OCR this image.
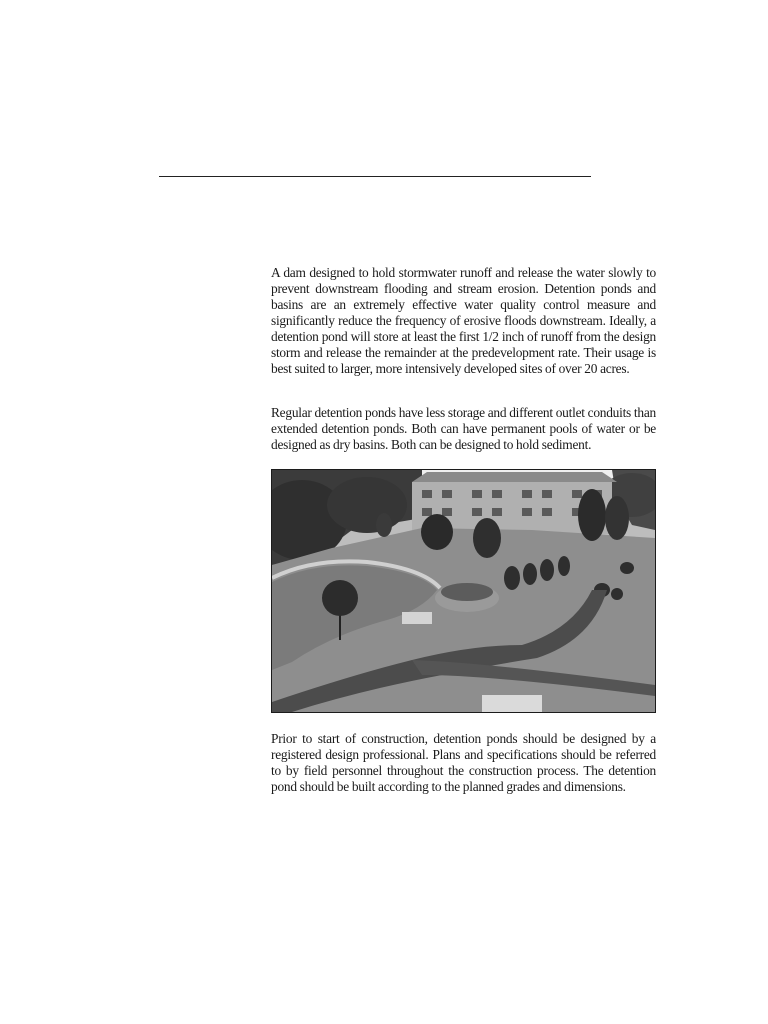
A dam designed to hold stormwater runoff and release the water slowly to prevent downstream flooding and stream erosion. Detention ponds and basins are an extremely effective water quality control measure and significantly reduce the frequency of erosive floods downstream. Ideally, a detention pond will store at least the first 1/2 inch of runoff from the design storm and release the remainder at the predevelopment rate. Their usage is best suited to larger, more intensively developed sites of over 20 acres.

Regular detention ponds have less storage and different outlet conduits than extended detention ponds. Both can have permanent pools of water or be designed as dry basins. Both can be designed to hold sediment.

Prior to start of construction, detention ponds should be designed by a registered design professional. Plans and specifications should be referred to by field personnel throughout the construction process. The detention pond should be built according to the planned grades and dimensions.
